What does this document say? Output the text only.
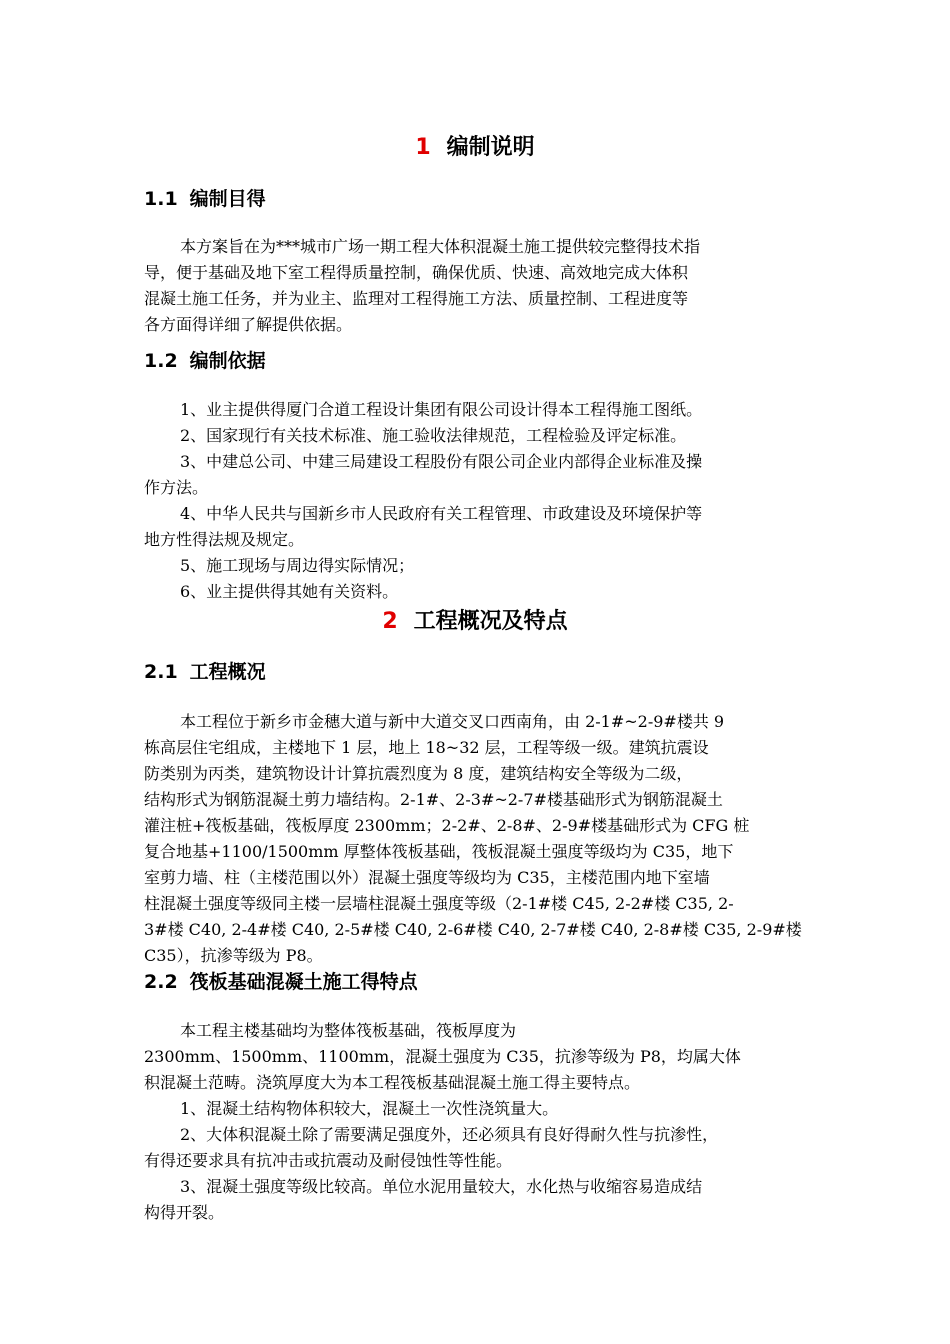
1 编制说明
1.1 编制目得
本方案旨在为***城市广场一期工程大体积混凝土施工提供较完整得技术指
导，便于基础及地下室工程得质量控制，确保优质、快速、高效地完成大体积
混凝土施工任务，并为业主、监理对工程得施工方法、质量控制、工程进度等
各方面得详细了解提供依据。
1.2 编制依据
1、业主提供得厦门合道工程设计集团有限公司设计得本工程得施工图纸。
2、国家现行有关技术标准、施工验收法律规范，工程检验及评定标准。
3、中建总公司、中建三局建设工程股份有限公司企业内部得企业标准及操
作方法。
4、中华人民共与国新乡市人民政府有关工程管理、市政建设及环境保护等
地方性得法规及规定。
5、施工现场与周边得实际情况；
6、业主提供得其她有关资料。
2 工程概况及特点
2.1 工程概况
本工程位于新乡市金穗大道与新中大道交叉口西南角，由 2-1#~2-9#楼共 9
栋高层住宅组成，主楼地下 1 层，地上 18~32 层，工程等级一级。建筑抗震设
防类别为丙类，建筑物设计计算抗震烈度为 8 度，建筑结构安全等级为二级，
结构形式为钢筋混凝土剪力墙结构。2-1#、2-3#~2-7#楼基础形式为钢筋混凝土
灌注桩+筏板基础，筏板厚度 2300mm；2-2#、2-8#、2-9#楼基础形式为 CFG 桩
复合地基+1100/1500mm 厚整体筏板基础，筏板混凝土强度等级均为 C35，地下
室剪力墙、柱（主楼范围以外）混凝土强度等级均为 C35，主楼范围内地下室墙
柱混凝土强度等级同主楼一层墙柱混凝土强度等级（2-1#楼 C45, 2-2#楼 C35, 2-
3#楼 C40, 2-4#楼 C40, 2-5#楼 C40, 2-6#楼 C40, 2-7#楼 C40, 2-8#楼 C35, 2-9#楼
C35），抗渗等级为 P8。
2.2 筏板基础混凝土施工得特点
本工程主楼基础均为整体筏板基础，筏板厚度为
2300mm、1500mm、1100mm，混凝土强度为 C35，抗渗等级为 P8，均属大体
积混凝土范畴。浇筑厚度大为本工程筏板基础混凝土施工得主要特点。
1、混凝土结构物体积较大，混凝土一次性浇筑量大。
2、大体积混凝土除了需要满足强度外，还必须具有良好得耐久性与抗渗性，
有得还要求具有抗冲击或抗震动及耐侵蚀性等性能。
3、混凝土强度等级比较高。单位水泥用量较大，水化热与收缩容易造成结
构得开裂。
